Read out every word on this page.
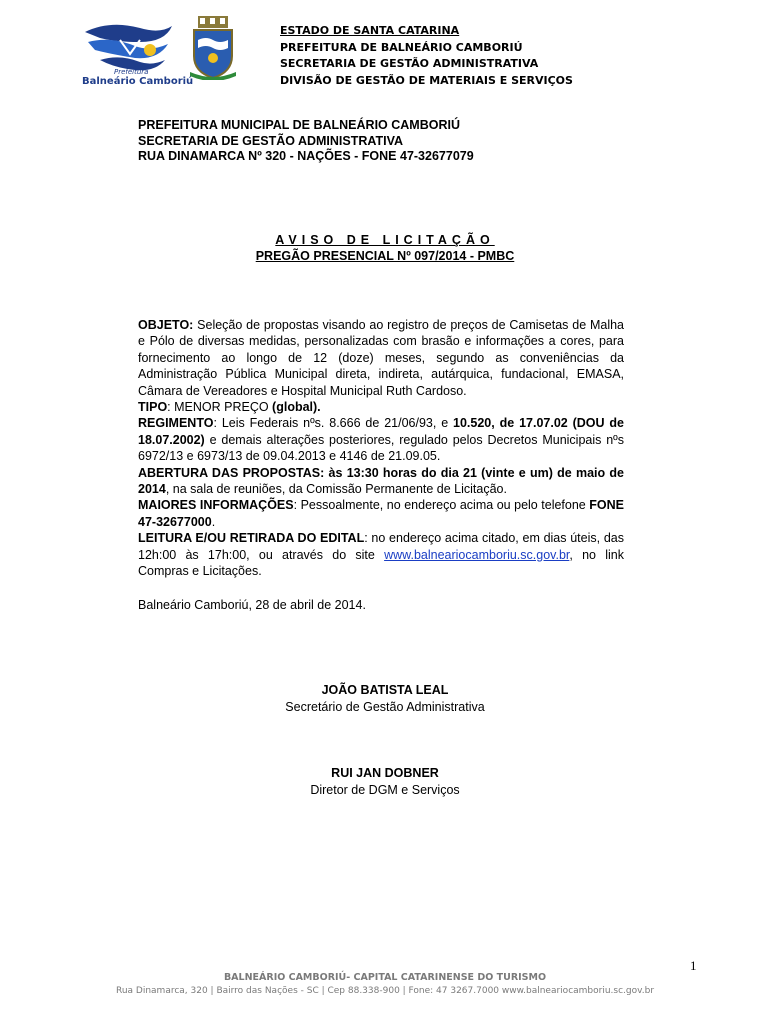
Prefeitura
Balneário Camboriú
ESTADO DE SANTA CATARINA
PREFEITURA DE BALNEÁRIO CAMBORIÚ
SECRETARIA DE GESTÃO ADMINISTRATIVA
DIVISÃO DE GESTÃO DE MATERIAIS E SERVIÇOS
PREFEITURA MUNICIPAL DE BALNEÁRIO CAMBORIÚ
SECRETARIA DE GESTÃO ADMINISTRATIVA
RUA DINAMARCA Nº 320 - NAÇÕES - FONE 47-32677079
AVISO DE LICITAÇÃO
PREGÃO PRESENCIAL Nº 097/2014 - PMBC

OBJETO: Seleção de propostas visando ao registro de preços de Camisetas de Malha e Pólo de diversas medidas, personalizadas com brasão e informações a cores, para fornecimento ao longo de 12 (doze) meses, segundo as conveniências da Administração Pública Municipal direta, indireta, autárquica, fundacional, EMASA, Câmara de Vereadores e Hospital Municipal Ruth Cardoso.

TIPO: MENOR PREÇO (global).

REGIMENTO: Leis Federais nºs. 8.666 de 21/06/93, e 10.520, de 17.07.02 (DOU de 18.07.2002) e demais alterações posteriores, regulado pelos Decretos Municipais nºs 6972/13 e 6973/13 de 09.04.2013 e 4146 de 21.09.05.

ABERTURA DAS PROPOSTAS: às 13:30 horas do dia 21 (vinte e um) de maio de 2014, na sala de reuniões, da Comissão Permanente de Licitação.

MAIORES INFORMAÇÕES: Pessoalmente, no endereço acima ou pelo telefone FONE 47-32677000.

LEITURA E/OU RETIRADA DO EDITAL: no endereço acima citado, em dias úteis, das 12h:00 às 17h:00, ou através do site www.balneariocamboriu.sc.gov.br, no link Compras e Licitações.

Balneário Camboriú, 28 de abril de 2014.
JOÃO BATISTA LEAL
Secretário de Gestão Administrativa
RUI JAN DOBNER
Diretor de DGM e Serviços
1
BALNEÁRIO CAMBORIÚ- CAPITAL CATARINENSE DO TURISMO
Rua Dinamarca, 320 | Bairro das Nações - SC | Cep 88.338-900 | Fone: 47 3267.7000 www.balneariocamboriu.sc.gov.br
